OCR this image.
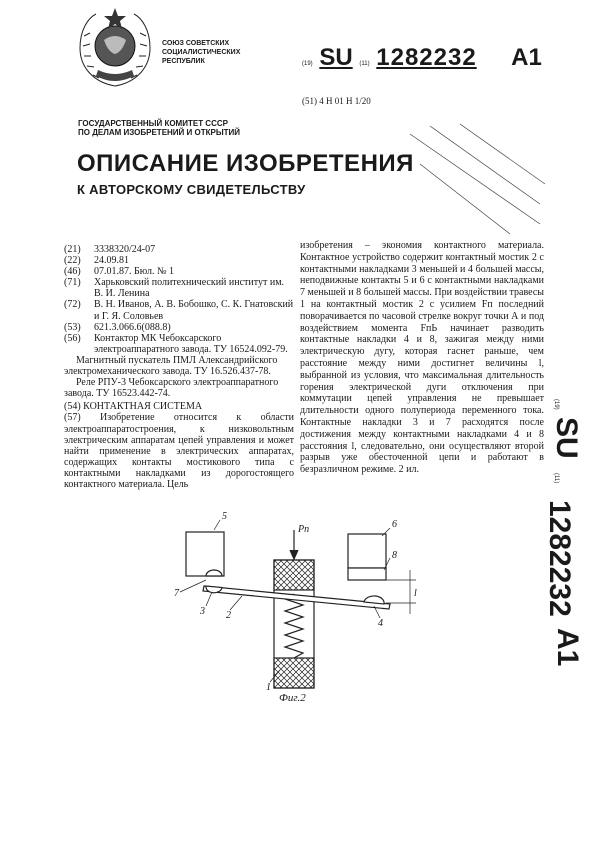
СОЮЗ СОВЕТСКИХ
СОЦИАЛИСТИЧЕСКИХ
РЕСПУБЛИК	(19) SU (11) 1282232 A1
(51) 4 H 01 H 1/20
ГОСУДАРСТВЕННЫЙ КОМИТЕТ СССР
ПО ДЕЛАМ ИЗОБРЕТЕНИЙ И ОТКРЫТИЙ
ОПИСАНИЕ ИЗОБРЕТЕНИЯ
К АВТОРСКОМУ СВИДЕТЕЛЬСТВУ
(21)	3338320/24-07
(22)	24.09.81
(46)	07.01.87. Бюл. № 1
(71)	Харьковский политехнический институт им. В. И. Ленина
(72)	В. Н. Иванов, А. В. Бобошко, С. К. Гнатовский и Г. Я. Соловьев
(53)	621.3.066.6(088.8)
(56)	Контактор МК Чебоксарского электроаппаратного завода. ТУ 16524.092-79.

Магнитный пускатель ПМЛ Александрийского электромеханического завода. ТУ 16.526.437-78.

Реле РПУ-3 Чебоксарского электроаппаратного завода. ТУ 16523.442-74.

(54) КОНТАКТНАЯ СИСТЕМА

(57) Изобретение относится к области электроаппаратостроения, к низковольтным электрическим аппаратам цепей управления и может найти применение в электрических аппаратах, содержащих контакты мостикового типа с контактными накладками из дорогостоящего контактного материала. Цель

изобретения – экономия контактного материала. Контактное устройство содержит контактный мостик 2 с контактными накладками 3 меньшей и 4 большей массы, неподвижные контакты 5 и 6 с контактными накладками 7 меньшей и 8 большей массы. При воздействии травесы 1 на контактный мостик 2 с усилием Fп последний поворачивается по часовой стрелке вокруг точки А и под воздействием момента FпЬ начинает разводить контактные накладки 4 и 8, зажигая между ними электрическую дугу, которая гаснет раньше, чем расстояние между ними достигнет величины l, выбранной из условия, что максимальная длительность горения электрической дуги отключения при коммутации цепей управления не превышает длительности одного полупериода переменного тока. Контактные накладки 3 и 7 расходятся после достижения между контактными накладками 4 и 8 расстояния l, следовательно, они осуществляют второй разрыв уже обесточенной цепи и работают в безразличном режиме. 2 ил.

(19)
SU
(11)
1282232
A1
5
6
8
Pп
l
7
3 2
4
1
Фиг.2
